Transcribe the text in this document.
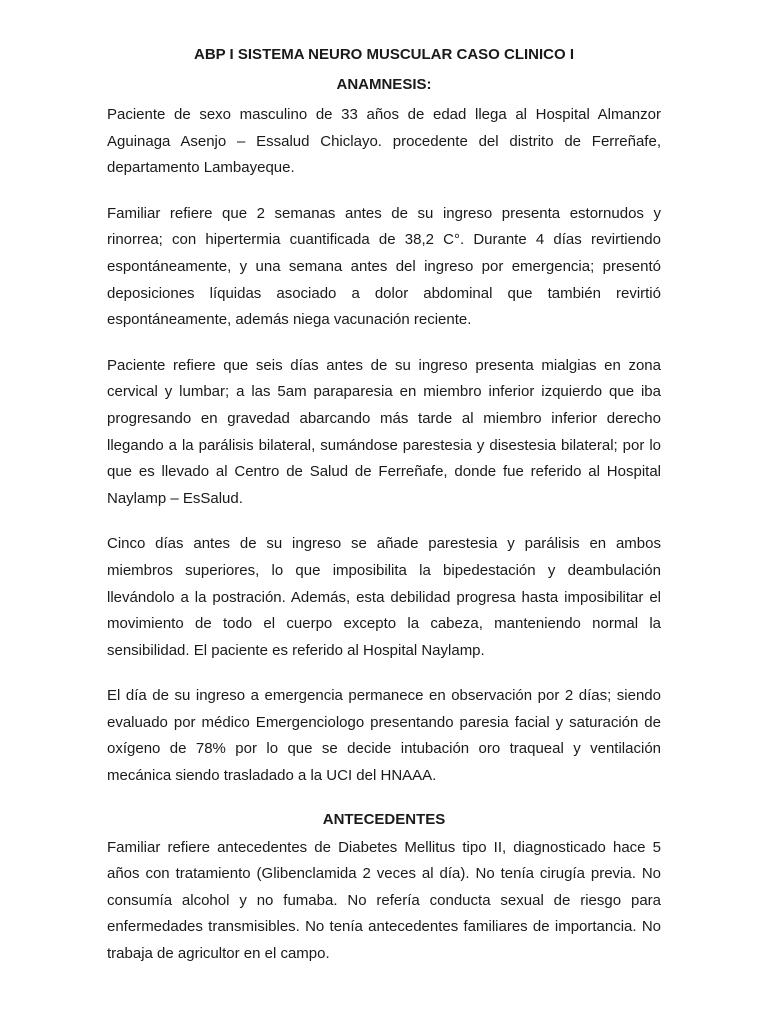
ABP I SISTEMA NEURO MUSCULAR CASO CLINICO I

ANAMNESIS:

Paciente de sexo masculino de 33 años de edad llega al Hospital Almanzor Aguinaga Asenjo – Essalud Chiclayo. procedente del distrito de Ferreñafe, departamento Lambayeque.

Familiar refiere que 2 semanas antes de su ingreso presenta estornudos y rinorrea; con hipertermia cuantificada de 38,2 C°. Durante 4 días revirtiendo espontáneamente, y una semana antes del ingreso por emergencia; presentó deposiciones líquidas asociado a dolor abdominal que también revirtió espontáneamente, además niega vacunación reciente.

Paciente refiere que seis días antes de su ingreso presenta mialgias en zona cervical y lumbar; a las 5am paraparesia en miembro inferior izquierdo que iba progresando en gravedad abarcando más tarde al miembro inferior derecho llegando a la parálisis bilateral, sumándose parestesia y disestesia bilateral; por lo que es llevado al Centro de Salud de Ferreñafe, donde fue referido al Hospital Naylamp – EsSalud.

Cinco días antes de su ingreso se añade parestesia y parálisis en ambos miembros superiores, lo que imposibilita la bipedestación y deambulación llevándolo a la postración. Además, esta debilidad progresa hasta imposibilitar el movimiento de todo el cuerpo excepto la cabeza, manteniendo normal la sensibilidad. El paciente es referido al Hospital Naylamp.

El día de su ingreso a emergencia permanece en observación por 2 días; siendo evaluado por médico Emergenciologo presentando paresia facial y saturación de oxígeno de 78% por lo que se decide intubación oro traqueal y ventilación mecánica siendo trasladado a la UCI del HNAAA.

ANTECEDENTES

Familiar refiere antecedentes de Diabetes Mellitus tipo II, diagnosticado hace 5 años con tratamiento (Glibenclamida 2 veces al día). No tenía cirugía previa. No consumía alcohol y no fumaba. No refería conducta sexual de riesgo para enfermedades transmisibles. No tenía antecedentes familiares de importancia. No trabaja de agricultor en el campo.
